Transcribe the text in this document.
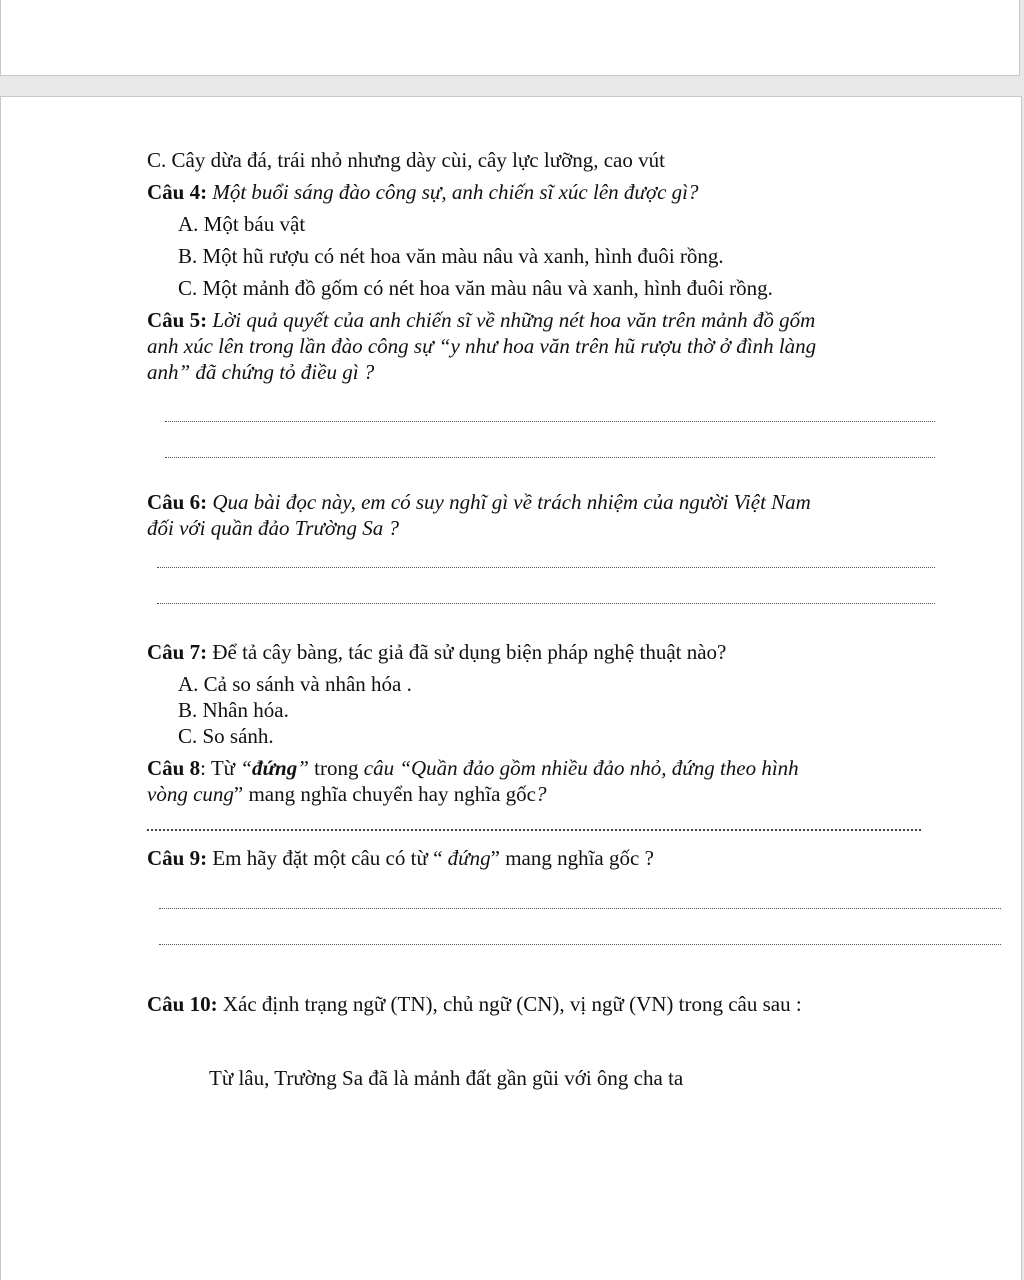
C. Cây dừa đá, trái nhỏ nhưng dày cùi, cây lực lưỡng, cao vút
Câu 4: Một buổi sáng đào công sự, anh chiến sĩ xúc lên được gì?
A. Một báu vật
B. Một hũ rượu có nét hoa văn màu nâu và xanh, hình đuôi rồng.
C. Một mảnh đồ gốm có nét hoa văn màu nâu và xanh, hình đuôi rồng.
Câu 5: Lời quả quyết của anh chiến sĩ về những nét hoa văn trên mảnh đồ gốm
anh xúc lên trong lần đào công sự “y như hoa văn trên hũ rượu thờ ở đình làng
anh” đã chứng tỏ điều gì ?
Câu 6: Qua bài đọc này, em có suy nghĩ gì về trách nhiệm của người Việt Nam
đối với quần đảo Trường Sa ?
Câu 7: Để tả cây bàng, tác giả đã sử dụng biện pháp nghệ thuật nào?
A. Cả so sánh và nhân hóa .
B. Nhân hóa.
C. So sánh.
Câu 8: Từ “đứng” trong câu “Quần đảo gồm nhiều đảo nhỏ, đứng theo hình
vòng cung” mang nghĩa chuyển hay nghĩa gốc?
Câu 9: Em hãy đặt một câu có từ “ đứng” mang nghĩa gốc ?
Câu 10: Xác định trạng ngữ (TN), chủ ngữ (CN), vị ngữ (VN) trong câu sau :
Từ lâu, Trường Sa đã là mảnh đất gần gũi với ông cha ta
